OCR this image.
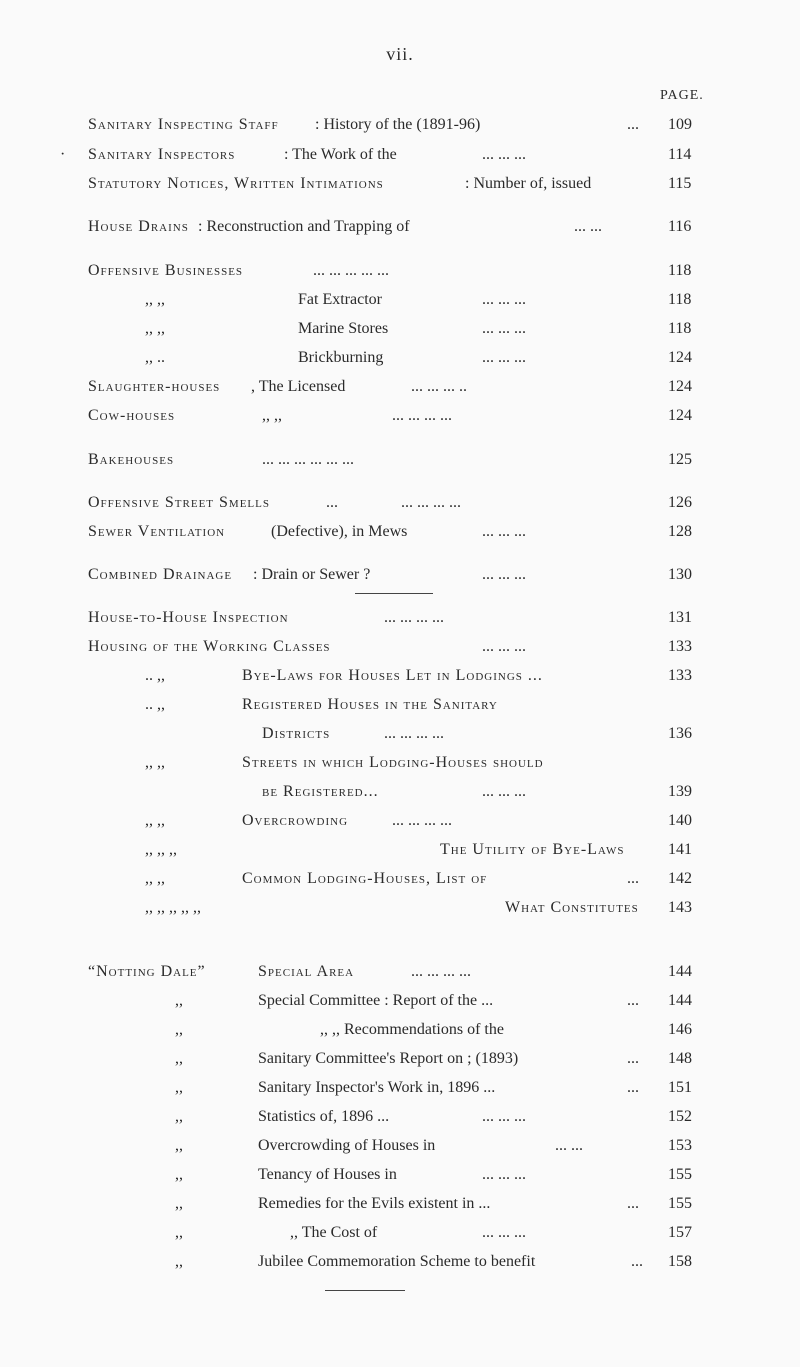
vii.
PAGE.
Sanitary Inspecting Staff : History of the (1891-96)	... 109
· Sanitary Inspectors	: The Work of the	... ... ...	114
Statutory Notices, Written Intimations	: Number of, issued	115
House Drains : Reconstruction and Trapping of	... ...	116
Offensive Businesses	... ... ... ... ...	118
,, ,,	Fat Extractor	... ... ...	118
,, ,,	Marine Stores	... ... ...	118
,, ..	Brickburning	... ... ...	124
Slaughter-houses , The Licensed	... ... ... ..	124
Cow-houses	,, ,,	... ... ... ...	124
Bakehouses	... ... ... ... ... ...	125
Offensive Street Smells	...	... ... ... ...	126
Sewer Ventilation	(Defective), in Mews	... ... ...	128
Combined Drainage : Drain or Sewer ?	... ... ...	130
House-to-House Inspection	... ... ... ...	131
Housing of the Working Classes	... ... ...	133
.. ,,	Bye-Laws for Houses Let in Lodgings ...	133
.. ,,	Registered Houses in the Sanitary
Districts	... ... ... ...	136
,, ,,	Streets in which Lodging-Houses should
be Registered...	... ... ...	139
,, ,,	Overcrowding	... ... ... ...	140
,, ,, ,,	The Utility of Bye-Laws	141
,, ,,	Common Lodging-Houses, List of	... 142
,, ,, ,, ,, ,,	What Constitutes 143
“Notting Dale”	Special Area	... ... ... ...	144
,,	Special Committee : Report of the ...	... 144
,,	,, ,, Recommendations of the	146
,,	Sanitary Committee's Report on ; (1893)	... 148
,,	Sanitary Inspector's Work in, 1896 ...	... 151
,,	Statistics of, 1896 ...	... ... ...	152
,,	Overcrowding of Houses in	... ...	153
,,	Tenancy of Houses in	... ... ...	155
,,	Remedies for the Evils existent in ...	... 155
,,	,, The Cost of	... ... ...	157
,,	Jubilee Commemoration Scheme to benefit	... 158
